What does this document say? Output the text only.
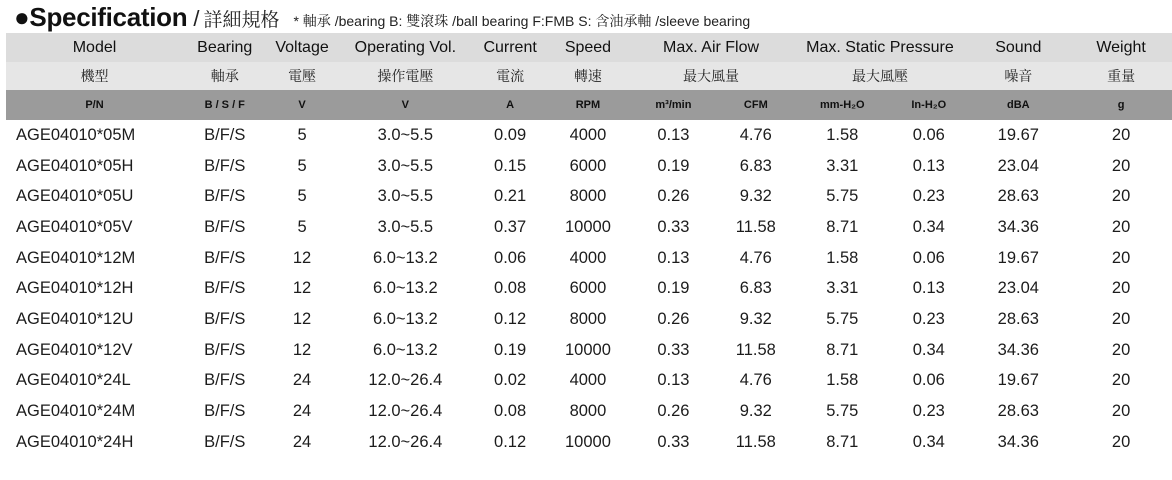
●Specification / 詳細規格 * 軸承 /bearing B: 雙滾珠 /ball bearing F:FMB S: 含油承軸 /sleeve bearing
Model	Bearing	Voltage	Operating Vol.	Current	Speed	Max. Air Flow		Max. Static Pressure		Sound	Weight
機型	軸承	電壓	操作電壓	電流	轉速	最大風量		最大風壓		噪音	重量
P/N	B / S / F	V	V	A	RPM	m³/min	CFM	mm-H₂O	In-H₂O	dBA	g
AGE04010*05M	B/F/S	5	3.0~5.5	0.09	4000	0.13	4.76	1.58	0.06	19.67	20
AGE04010*05H	B/F/S	5	3.0~5.5	0.15	6000	0.19	6.83	3.31	0.13	23.04	20
AGE04010*05U	B/F/S	5	3.0~5.5	0.21	8000	0.26	9.32	5.75	0.23	28.63	20
AGE04010*05V	B/F/S	5	3.0~5.5	0.37	10000	0.33	11.58	8.71	0.34	34.36	20
AGE04010*12M	B/F/S	12	6.0~13.2	0.06	4000	0.13	4.76	1.58	0.06	19.67	20
AGE04010*12H	B/F/S	12	6.0~13.2	0.08	6000	0.19	6.83	3.31	0.13	23.04	20
AGE04010*12U	B/F/S	12	6.0~13.2	0.12	8000	0.26	9.32	5.75	0.23	28.63	20
AGE04010*12V	B/F/S	12	6.0~13.2	0.19	10000	0.33	11.58	8.71	0.34	34.36	20
AGE04010*24L	B/F/S	24	12.0~26.4	0.02	4000	0.13	4.76	1.58	0.06	19.67	20
AGE04010*24M	B/F/S	24	12.0~26.4	0.08	8000	0.26	9.32	5.75	0.23	28.63	20
AGE04010*24H	B/F/S	24	12.0~26.4	0.12	10000	0.33	11.58	8.71	0.34	34.36	20
